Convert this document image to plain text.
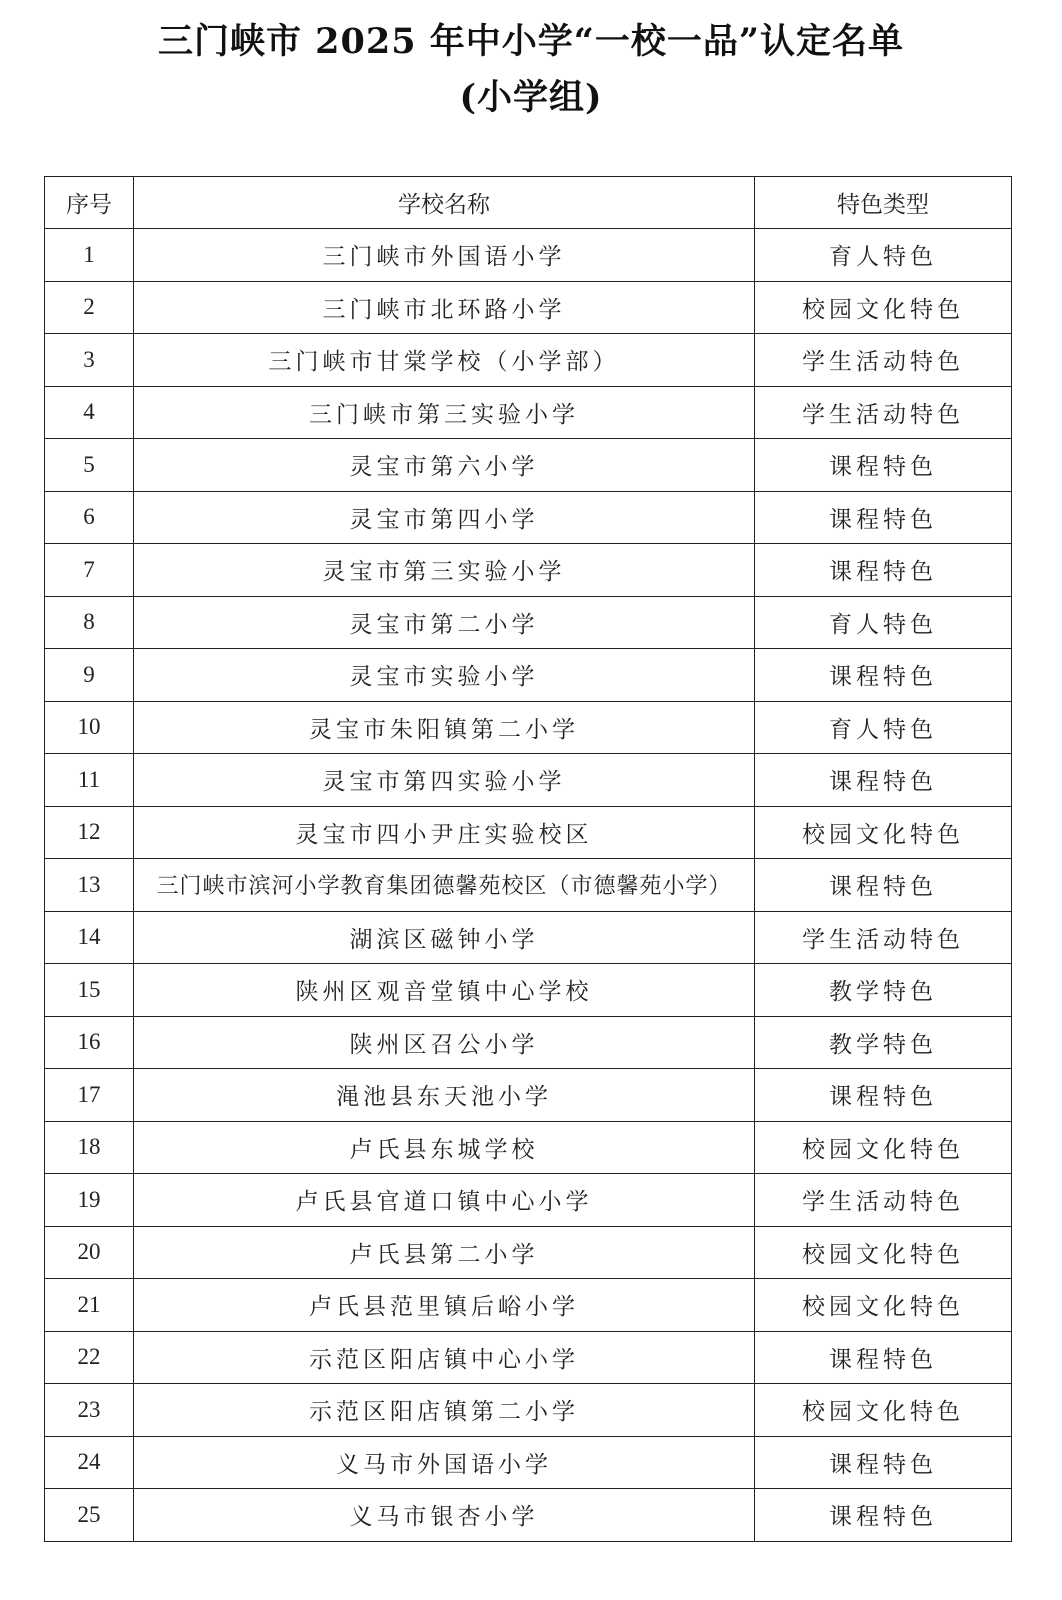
三门峡市 2025 年中小学“一校一品”认定名单
(小学组)
序号	学校名称	特色类型
1	三门峡市外国语小学	育人特色
2	三门峡市北环路小学	校园文化特色
3	三门峡市甘棠学校（小学部）	学生活动特色
4	三门峡市第三实验小学	学生活动特色
5	灵宝市第六小学	课程特色
6	灵宝市第四小学	课程特色
7	灵宝市第三实验小学	课程特色
8	灵宝市第二小学	育人特色
9	灵宝市实验小学	课程特色
10	灵宝市朱阳镇第二小学	育人特色
11	灵宝市第四实验小学	课程特色
12	灵宝市四小尹庄实验校区	校园文化特色
13	三门峡市滨河小学教育集团德馨苑校区（市德馨苑小学）	课程特色
14	湖滨区磁钟小学	学生活动特色
15	陕州区观音堂镇中心学校	教学特色
16	陕州区召公小学	教学特色
17	渑池县东天池小学	课程特色
18	卢氏县东城学校	校园文化特色
19	卢氏县官道口镇中心小学	学生活动特色
20	卢氏县第二小学	校园文化特色
21	卢氏县范里镇后峪小学	校园文化特色
22	示范区阳店镇中心小学	课程特色
23	示范区阳店镇第二小学	校园文化特色
24	义马市外国语小学	课程特色
25	义马市银杏小学	课程特色
